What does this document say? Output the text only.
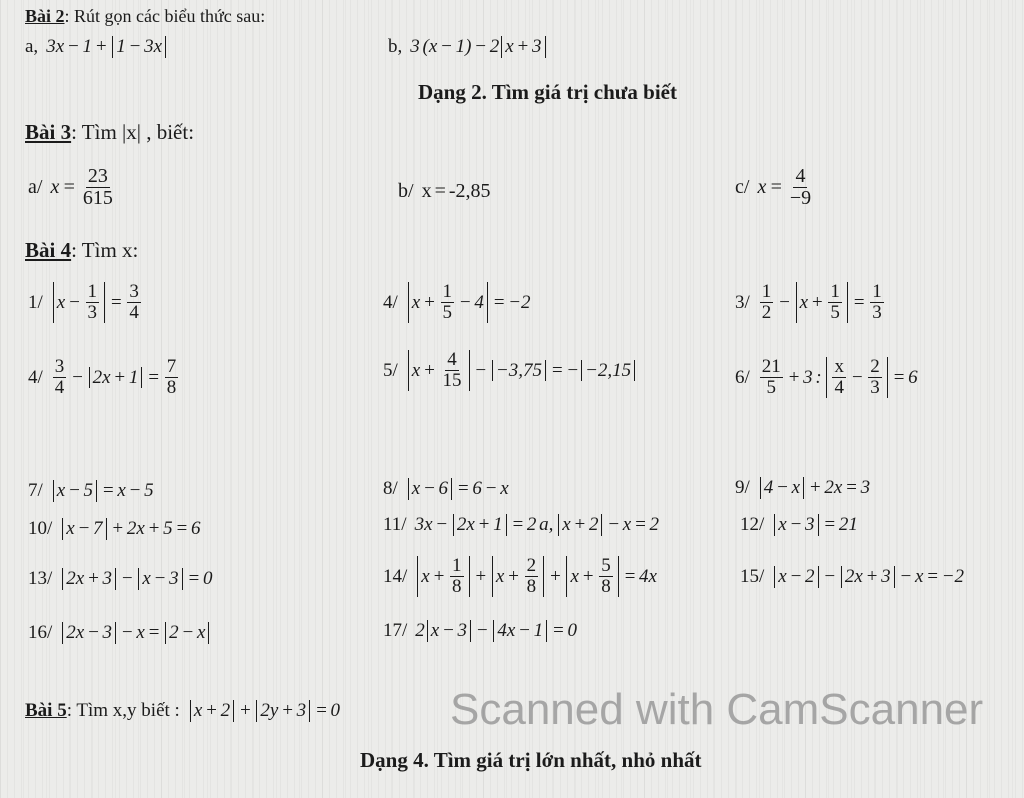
Bài 2 : Rút gọn các biểu thức sau:
a, 3x − 1 + 1 − 3x	b, 3 (x − 1) − 2 x + 3
Dạng 2. Tìm giá trị chưa biết
Bài 3 : Tìm |x| , biết:
a/ $x = \frac{23}{615}$	b/ x = -2,85	c/ $x = \frac{4}{-9}$
Bài 4 : Tìm x:
1/ $x - \frac{1}{3} = \frac{3}{4}$	4/ $x + \frac{1}{5} - 4 = -2$	$3/ \frac{1}{2} - x + \frac{1}{5} = \frac{1}{3}$
$4/ \frac{3}{4} - 2x + 1 = \frac{7}{8}$	5/ $x + \frac{4}{15} - -3,75$ = − −2,15	$6/ \frac{21}{5} + 3$ : $\frac{x}{4} - \frac{2}{3} = 6$
7/ x − 5 = x − 5	8/ x − 6 = 6 − x	9/ 4 − x + 2x = 3
10/ x − 7 + 2x + 5 = 6	11/ 3x − 2x + 1 = 2 a, x + 2 − x = 2	12/ x − 3 = 21
13/ 2x + 3 − x − 3 = 0	14/ $x + \frac{1}{8} + x + \frac{2}{8} + x + \frac{5}{8} = 4x$	15/ x − 2 − 2x + 3 − x = −2
16/ 2x − 3 − x = 2 − x	17/ 2 x − 3 − 4x − 1 = 0
Bài 5 : Tìm x,y biết : x + 2 + 2y + 3 = 0 Scanned with CamScanner
Dạng 4. Tìm giá trị lớn nhất, nhỏ nhất
